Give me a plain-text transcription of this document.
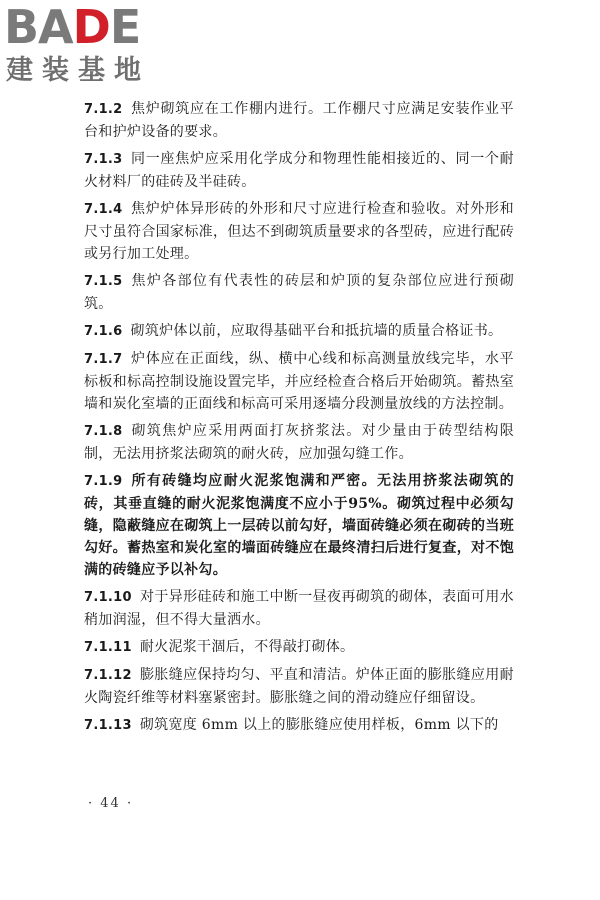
BADE
建装基地

7.1.2 焦炉砌筑应在工作棚内进行。工作棚尺寸应满足安装作业平台和护炉设备的要求。

7.1.3 同一座焦炉应采用化学成分和物理性能相接近的、同一个耐火材料厂的硅砖及半硅砖。

7.1.4 焦炉炉体异形砖的外形和尺寸应进行检查和验收。对外形和尺寸虽符合国家标准，但达不到砌筑质量要求的各型砖，应进行配砖或另行加工处理。

7.1.5 焦炉各部位有代表性的砖层和炉顶的复杂部位应进行预砌筑。

7.1.6 砌筑炉体以前，应取得基础平台和抵抗墙的质量合格证书。

7.1.7 炉体应在正面线，纵、横中心线和标高测量放线完毕，水平标板和标高控制设施设置完毕，并应经检查合格后开始砌筑。蓄热室墙和炭化室墙的正面线和标高可采用逐墙分段测量放线的方法控制。

7.1.8 砌筑焦炉应采用两面打灰挤浆法。对少量由于砖型结构限制，无法用挤浆法砌筑的耐火砖，应加强勾缝工作。

7.1.9 所有砖缝均应耐火泥浆饱满和严密。无法用挤浆法砌筑的砖，其垂直缝的耐火泥浆饱满度不应小于95%。砌筑过程中必须勾缝，隐蔽缝应在砌筑上一层砖以前勾好，墙面砖缝必须在砌砖的当班勾好。蓄热室和炭化室的墙面砖缝应在最终清扫后进行复查，对不饱满的砖缝应予以补勾。

7.1.10 对于异形硅砖和施工中断一昼夜再砌筑的砌体，表面可用水稍加润湿，但不得大量洒水。

7.1.11 耐火泥浆干涸后，不得敲打砌体。

7.1.12 膨胀缝应保持均匀、平直和清洁。炉体正面的膨胀缝应用耐火陶瓷纤维等材料塞紧密封。膨胀缝之间的滑动缝应仔细留设。

7.1.13 砌筑宽度 6mm 以上的膨胀缝应使用样板，6mm 以下的

· 44 ·
